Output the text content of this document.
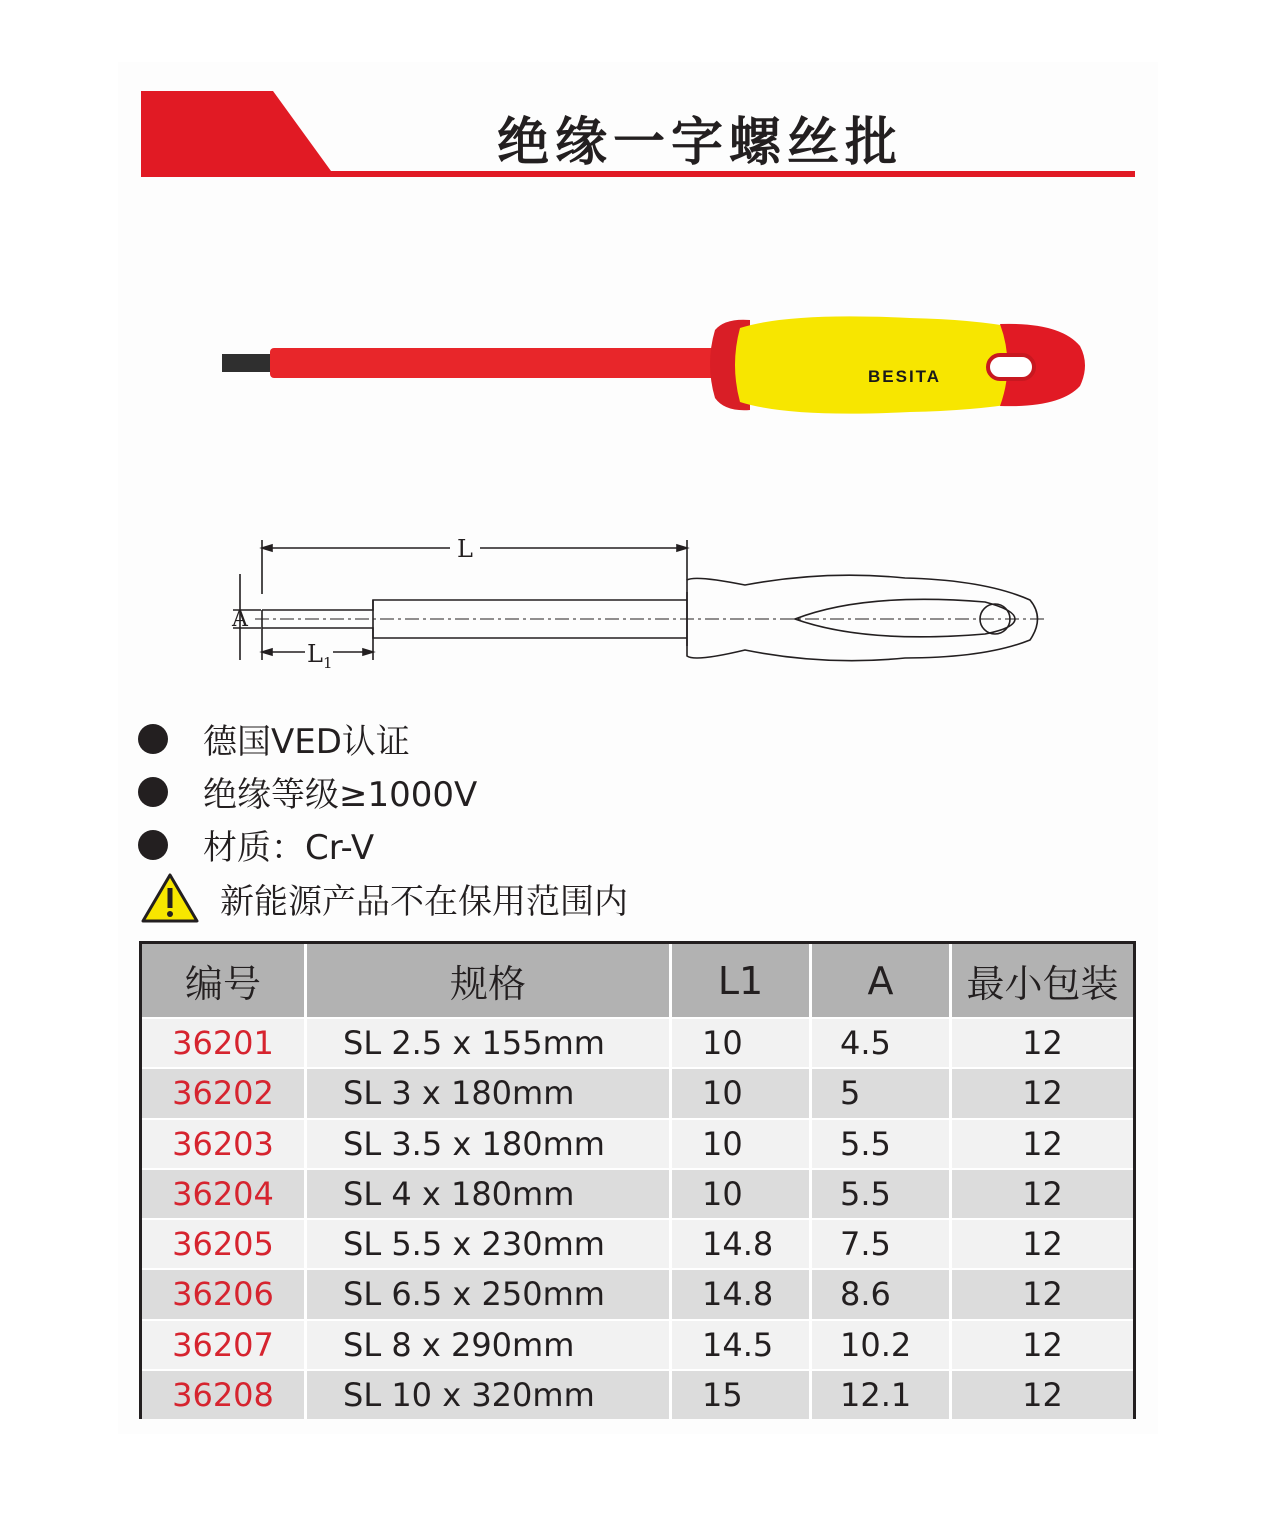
绝缘一字螺丝批
BESITA
L
A
$L_1$
德国VED认证
绝缘等级≥1000V
材质：Cr-V
新能源产品不在保用范围内
编号	规格	L1	A	最小包装
36201	SL 2.5 x 155mm	10	4.5	12
36202	SL 3 x 180mm	10	5	12
36203	SL 3.5 x 180mm	10	5.5	12
36204	SL 4 x 180mm	10	5.5	12
36205	SL 5.5 x 230mm	14.8	7.5	12
36206	SL 6.5 x 250mm	14.8	8.6	12
36207	SL 8 x 290mm	14.5	10.2	12
36208	SL 10 x 320mm	15	12.1	12
